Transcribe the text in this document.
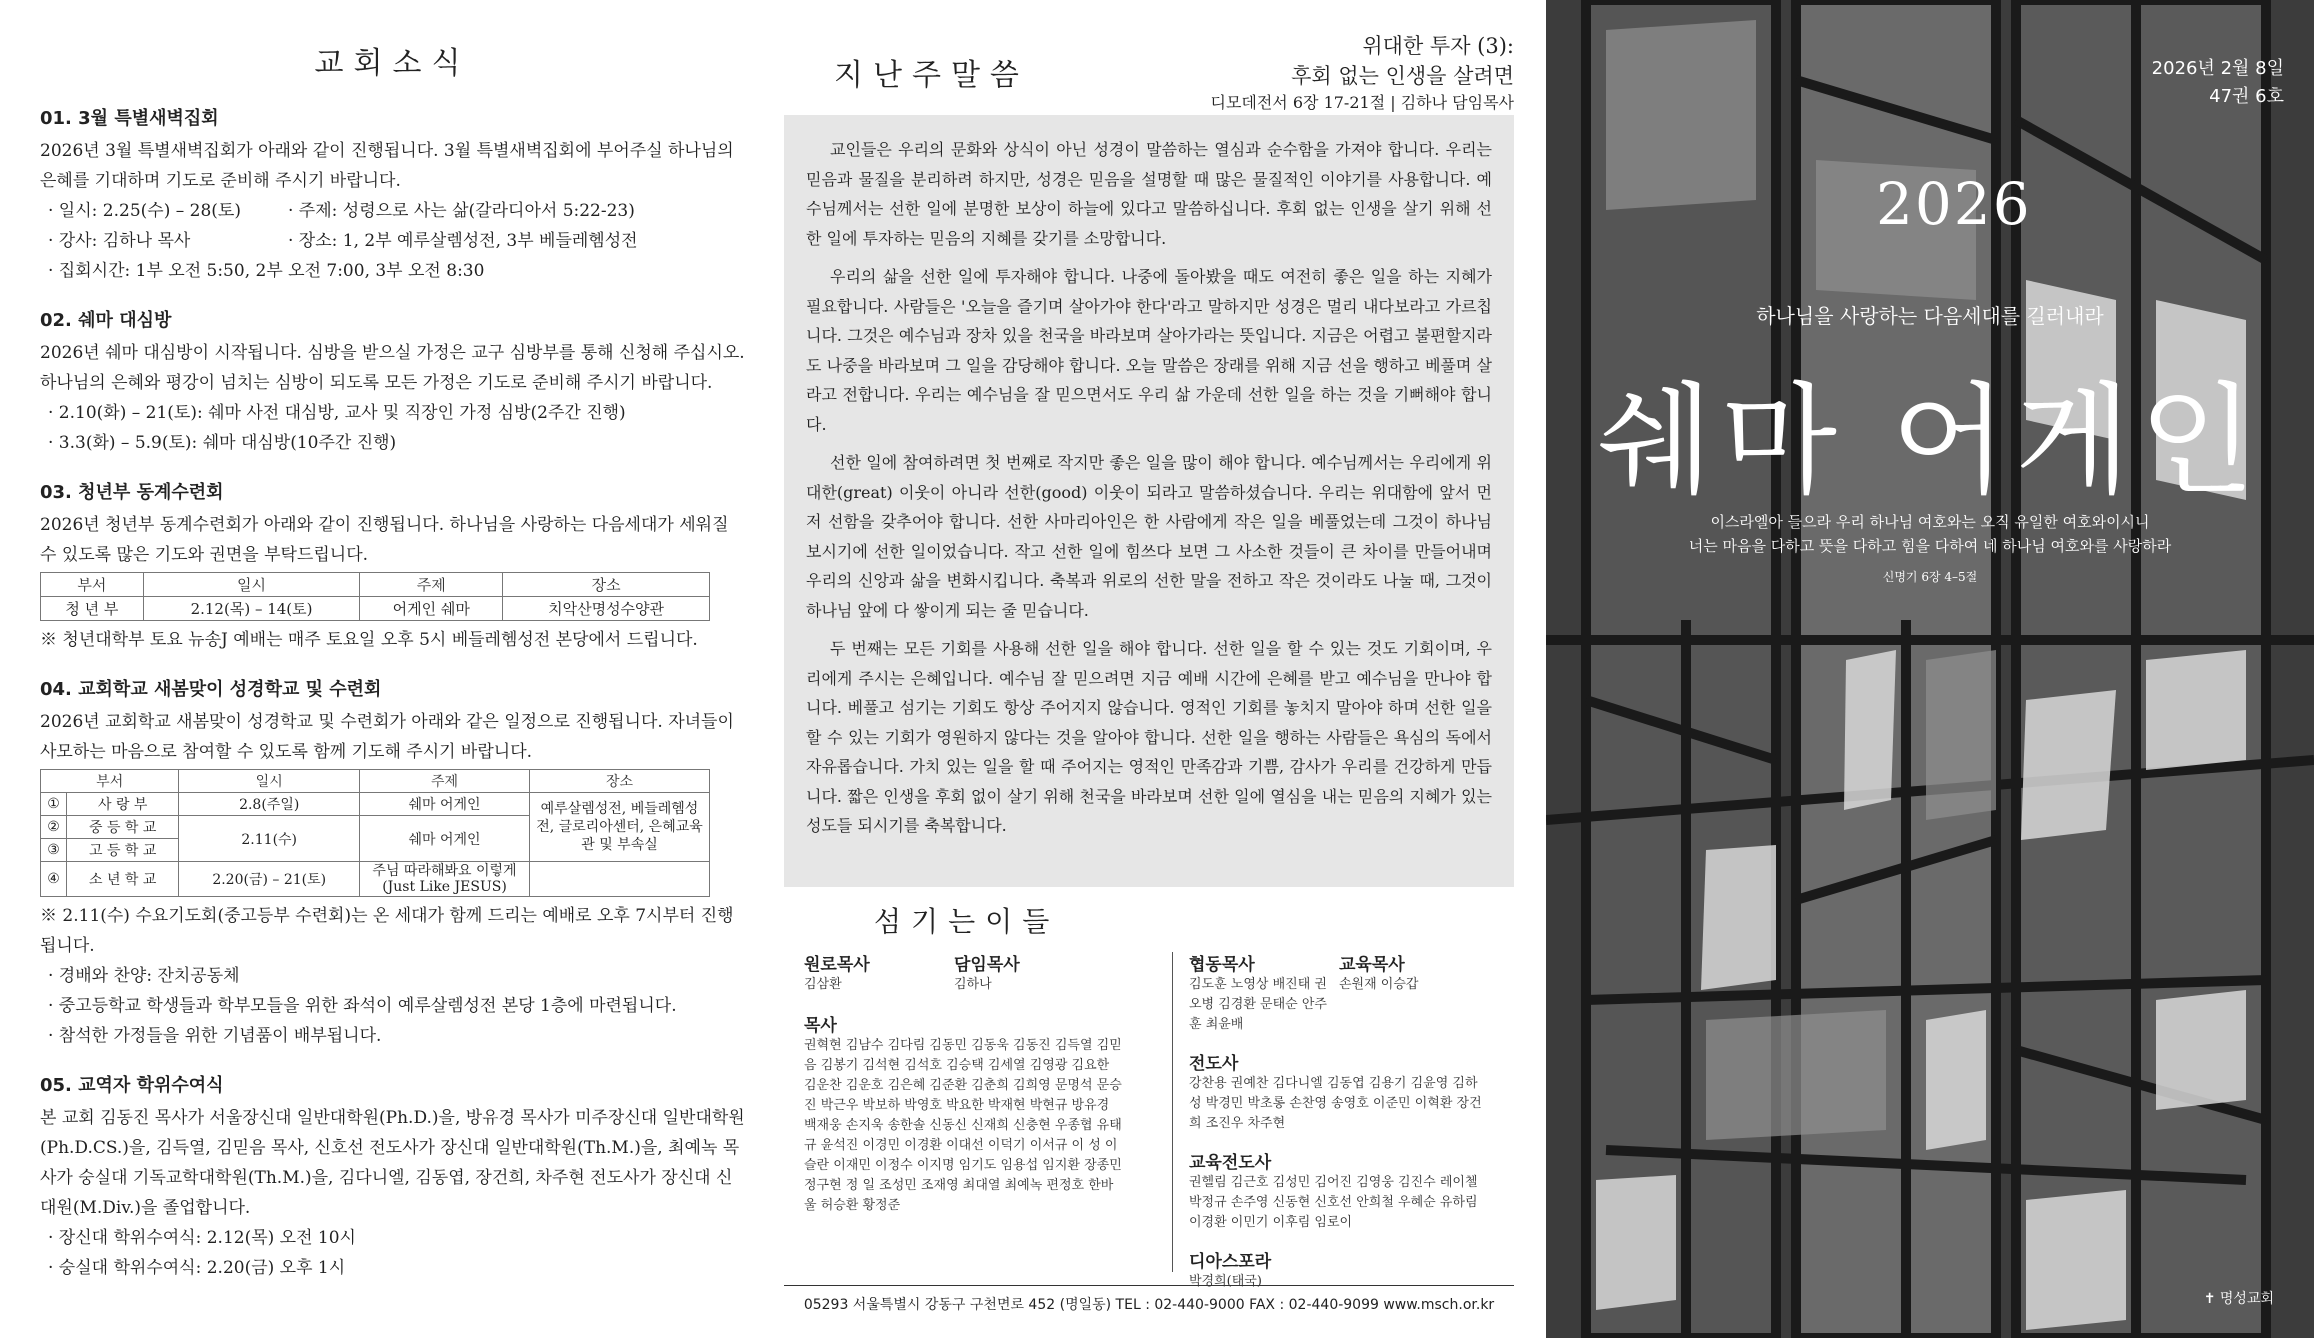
교회소식
01. 3월 특별새벽집회

2026년 3월 특별새벽집회가 아래와 같이 진행됩니다. 3월 특별새벽집회에 부어주실 하나님의 은혜를 기대하며 기도로 준비해 주시기 바랍니다.

· 일시: 2.25(수) – 28(토)	· 주제: 성령으로 사는 삶(갈라디아서 5:22-23)
· 강사: 김하나 목사	· 장소: 1, 2부 예루살렘성전, 3부 베들레헴성전
· 집회시간: 1부 오전 5:50, 2부 오전 7:00, 3부 오전 8:30
02. 쉐마 대심방

2026년 쉐마 대심방이 시작됩니다. 심방을 받으실 가정은 교구 심방부를 통해 신청해 주십시오. 하나님의 은혜와 평강이 넘치는 심방이 되도록 모든 가정은 기도로 준비해 주시기 바랍니다.

· 2.10(화) – 21(토): 쉐마 사전 대심방, 교사 및 직장인 가정 심방(2주간 진행)
· 3.3(화) – 5.9(토): 쉐마 대심방(10주간 진행)
03. 청년부 동계수련회

2026년 청년부 동계수련회가 아래와 같이 진행됩니다. 하나님을 사랑하는 다음세대가 세워질 수 있도록 많은 기도와 권면을 부탁드립니다.

부서	일시	주제	장소
청 년 부	2.12(목) – 14(토)	어게인 쉐마	치악산명성수양관
※ 청년대학부 토요 뉴송J 예배는 매주 토요일 오후 5시 베들레헴성전 본당에서 드립니다.
04. 교회학교 새봄맞이 성경학교 및 수련회

2026년 교회학교 새봄맞이 성경학교 및 수련회가 아래와 같은 일정으로 진행됩니다. 자녀들이 사모하는 마음으로 참여할 수 있도록 함께 기도해 주시기 바랍니다.

부서		일시	주제	장소
①	사 랑 부	2.8(주일)	쉐마 어게인	예루살렘성전, 베들레헴성전, 글로리아센터, 은혜교육관 및 부속실
②	중 등 학 교	2.11(수)	쉐마 어게인	
③	고 등 학 교			
④	소 년 학 교	2.20(금) – 21(토)	주님 따라해봐요 이렇게 (Just Like JESUS)	
※ 2.11(수) 수요기도회(중고등부 수련회)는 온 세대가 함께 드리는 예배로 오후 7시부터 진행됩니다.
· 경배와 찬양: 잔치공동체
· 중고등학교 학생들과 학부모들을 위한 좌석이 예루살렘성전 본당 1층에 마련됩니다.
· 참석한 가정들을 위한 기념품이 배부됩니다.
05. 교역자 학위수여식

본 교회 김동진 목사가 서울장신대 일반대학원(Ph.D.)을, 방유경 목사가 미주장신대 일반대학원(Ph.D.CS.)을, 김득열, 김믿음 목사, 신호선 전도사가 장신대 일반대학원(Th.M.)을, 최예녹 목사가 숭실대 기독교학대학원(Th.M.)을, 김다니엘, 김동엽, 장건희, 차주현 전도사가 장신대 신대원(M.Div.)을 졸업합니다.

· 장신대 학위수여식: 2.12(목) 오전 10시
· 숭실대 학위수여식: 2.20(금) 오후 1시
지난주말씀
위대한 투자 (3):
후회 없는 인생을 살려면
디모데전서 6장 17-21절 | 김하나 담임목사

교인들은 우리의 문화와 상식이 아닌 성경이 말씀하는 열심과 순수함을 가져야 합니다. 우리는 믿음과 물질을 분리하려 하지만, 성경은 믿음을 설명할 때 많은 물질적인 이야기를 사용합니다. 예수님께서는 선한 일에 분명한 보상이 하늘에 있다고 말씀하십니다. 후회 없는 인생을 살기 위해 선한 일에 투자하는 믿음의 지혜를 갖기를 소망합니다.

우리의 삶을 선한 일에 투자해야 합니다. 나중에 돌아봤을 때도 여전히 좋은 일을 하는 지혜가 필요합니다. 사람들은 '오늘을 즐기며 살아가야 한다'라고 말하지만 성경은 멀리 내다보라고 가르칩니다. 그것은 예수님과 장차 있을 천국을 바라보며 살아가라는 뜻입니다. 지금은 어렵고 불편할지라도 나중을 바라보며 그 일을 감당해야 합니다. 오늘 말씀은 장래를 위해 지금 선을 행하고 베풀며 살라고 전합니다. 우리는 예수님을 잘 믿으면서도 우리 삶 가운데 선한 일을 하는 것을 기뻐해야 합니다.

선한 일에 참여하려면 첫 번째로 작지만 좋은 일을 많이 해야 합니다. 예수님께서는 우리에게 위대한(great) 이웃이 아니라 선한(good) 이웃이 되라고 말씀하셨습니다. 우리는 위대함에 앞서 먼저 선함을 갖추어야 합니다. 선한 사마리아인은 한 사람에게 작은 일을 베풀었는데 그것이 하나님 보시기에 선한 일이었습니다. 작고 선한 일에 힘쓰다 보면 그 사소한 것들이 큰 차이를 만들어내며 우리의 신앙과 삶을 변화시킵니다. 축복과 위로의 선한 말을 전하고 작은 것이라도 나눌 때, 그것이 하나님 앞에 다 쌓이게 되는 줄 믿습니다.

두 번째는 모든 기회를 사용해 선한 일을 해야 합니다. 선한 일을 할 수 있는 것도 기회이며, 우리에게 주시는 은혜입니다. 예수님 잘 믿으려면 지금 예배 시간에 은혜를 받고 예수님을 만나야 합니다. 베풀고 섬기는 기회도 항상 주어지지 않습니다. 영적인 기회를 놓치지 말아야 하며 선한 일을 할 수 있는 기회가 영원하지 않다는 것을 알아야 합니다. 선한 일을 행하는 사람들은 욕심의 독에서 자유롭습니다. 가치 있는 일을 할 때 주어지는 영적인 만족감과 기쁨, 감사가 우리를 건강하게 만듭니다. 짧은 인생을 후회 없이 살기 위해 천국을 바라보며 선한 일에 열심을 내는 믿음의 지혜가 있는 성도들 되시기를 축복합니다.

섬기는이들
원로목사
김삼환
담임목사
김하나
목사
권혁현 김남수 김다림 김동민 김동욱 김동진 김득열 김믿음 김봉기 김석현 김석호 김승택 김세열 김영광 김요한 김운찬 김운호 김은혜 김준환 김춘희 김희영 문명석 문승진 박근우 박보하 박영호 박요한 박재현 박현규 방유경 백재웅 손지욱 송한솔 신동신 신재희 신충현 우종협 유태규 윤석진 이경민 이경환 이대선 이덕기 이서규 이 성 이슬란 이재민 이정수 이지명 임기도 임용섭 임지환 장종민 정구현 정 일 조성민 조재영 최대열 최예녹 편정호 한바울 허승환 황정준
협동목사	교육목사
김도훈 노영상 배진태 권오병 김경환 문태순 안주훈 최윤배
손원재 이승갑
전도사
강찬용 권예찬 김다니엘 김동엽 김용기 김윤영 김하성 박경민 박초롱 손찬영 송영호 이준민 이혁환 장건희 조진우 차주현
교육전도사
권헬림 김근호 김성민 김어진 김영웅 김진수 레이첼 박정규 손주영 신동현 신호선 안희철 우혜순 유하림 이경환 이민기 이후림 임로이
디아스포라
박경희(태국)
05293 서울특별시 강동구 구천면로 452 (명일동) TEL : 02-440-9000 FAX : 02-440-9099 www.msch.or.kr
2026년 2월 8일
47권 6호
2026
하나님을 사랑하는 다음세대를 길러내라
쉐마 어게인
이스라엘아 들으라 우리 하나님 여호와는 오직 유일한 여호와이시니
너는 마음을 다하고 뜻을 다하고 힘을 다하여 네 하나님 여호와를 사랑하라
신명기 6장 4–5절
✝ 명성교회
